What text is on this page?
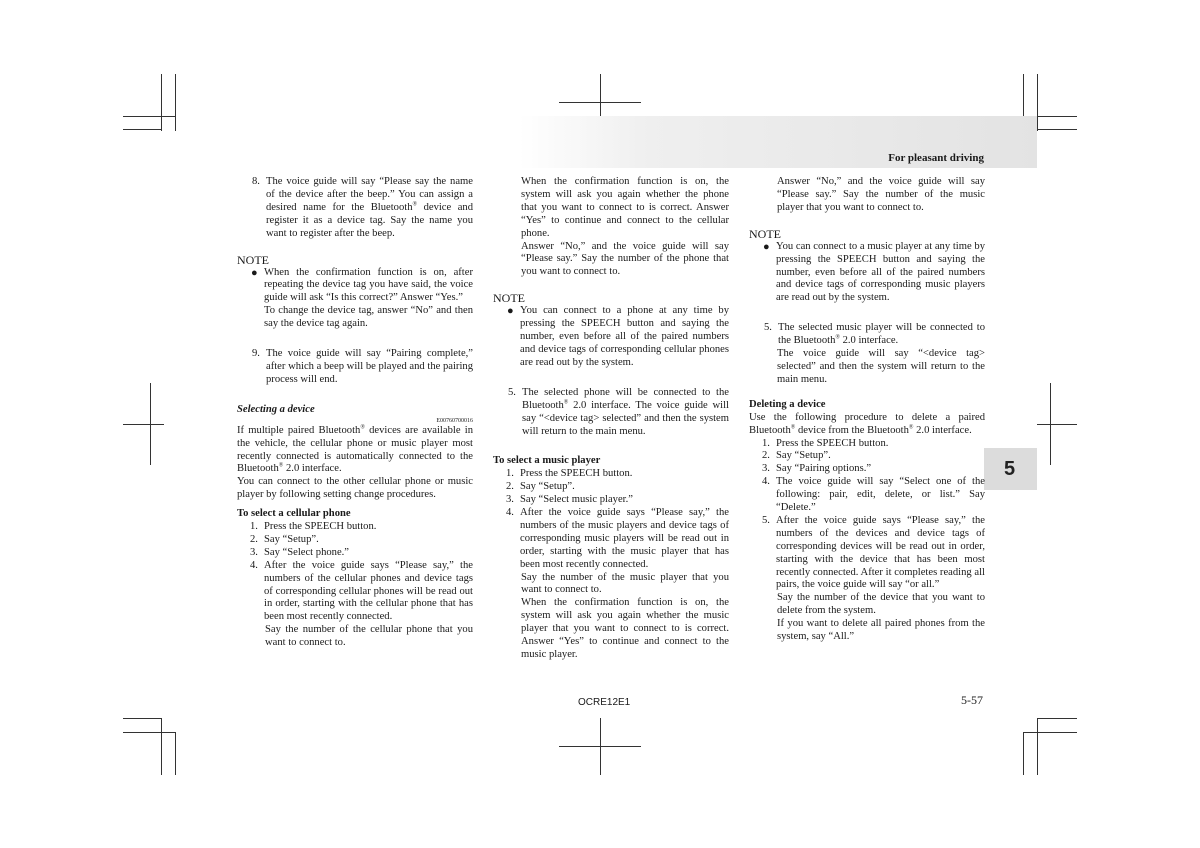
For pleasant driving
5
8. The voice guide will say “Please say the name of the device after the beep.” You can assign a desired name for the Bluetooth® device and register it as a device tag. Say the name you want to register after the beep.
NOTE
● When the confirmation function is on, after repeating the device tag you have said, the voice guide will ask “Is this correct?” Answer “Yes.”
To change the device tag, answer “No” and then say the device tag again.
9. The voice guide will say “Pairing complete,” after which a beep will be played and the pairing process will end.
Selecting a device
E00760700016
If multiple paired Bluetooth® devices are available in the vehicle, the cellular phone or music player most recently connected is automatically connected to the Bluetooth® 2.0 interface.
You can connect to the other cellular phone or music player by following setting change procedures.
To select a cellular phone
1. Press the SPEECH button.
2. Say “Setup”.
3. Say “Select phone.”
4. After the voice guide says “Please say,” the numbers of the cellular phones and device tags of corresponding cellular phones will be read out in order, starting with the cellular phone that has been most recently connected.
Say the number of the cellular phone that you want to connect to.
When the confirmation function is on, the system will ask you again whether the phone that you want to connect to is correct. Answer “Yes” to continue and connect to the cellular phone.
Answer “No,” and the voice guide will say “Please say.” Say the number of the phone that you want to connect to.
NOTE
● You can connect to a phone at any time by pressing the SPEECH button and saying the number, even before all of the paired numbers and device tags of corresponding cellular phones are read out by the system.
5. The selected phone will be connected to the Bluetooth® 2.0 interface. The voice guide will say “<device tag> selected” and then the system will return to the main menu.
To select a music player
1. Press the SPEECH button.
2. Say “Setup”.
3. Say “Select music player.”
4. After the voice guide says “Please say,” the numbers of the music players and device tags of corresponding music players will be read out in order, starting with the music player that has been most recently connected.
Say the number of the music player that you want to connect to.
When the confirmation function is on, the system will ask you again whether the music player that you want to connect to is correct. Answer “Yes” to continue and connect to the music player.
Answer “No,” and the voice guide will say “Please say.” Say the number of the music player that you want to connect to.
NOTE
● You can connect to a music player at any time by pressing the SPEECH button and saying the number, even before all of the paired numbers and device tags of corresponding music players are read out by the system.
5. The selected music player will be connected to the Bluetooth® 2.0 interface.
The voice guide will say “<device tag> selected” and then the system will return to the main menu.
Deleting a device
Use the following procedure to delete a paired Bluetooth® device from the Bluetooth® 2.0 interface.
1. Press the SPEECH button.
2. Say “Setup”.
3. Say “Pairing options.”
4. The voice guide will say “Select one of the following: pair, edit, delete, or list.” Say “Delete.”
5. After the voice guide says “Please say,” the numbers of the devices and device tags of corresponding devices will be read out in order, starting with the device that has been most recently connected. After it completes reading all pairs, the voice guide will say “or all.”
Say the number of the device that you want to delete from the system.
If you want to delete all paired phones from the system, say “All.”
OCRE12E1	5-57
